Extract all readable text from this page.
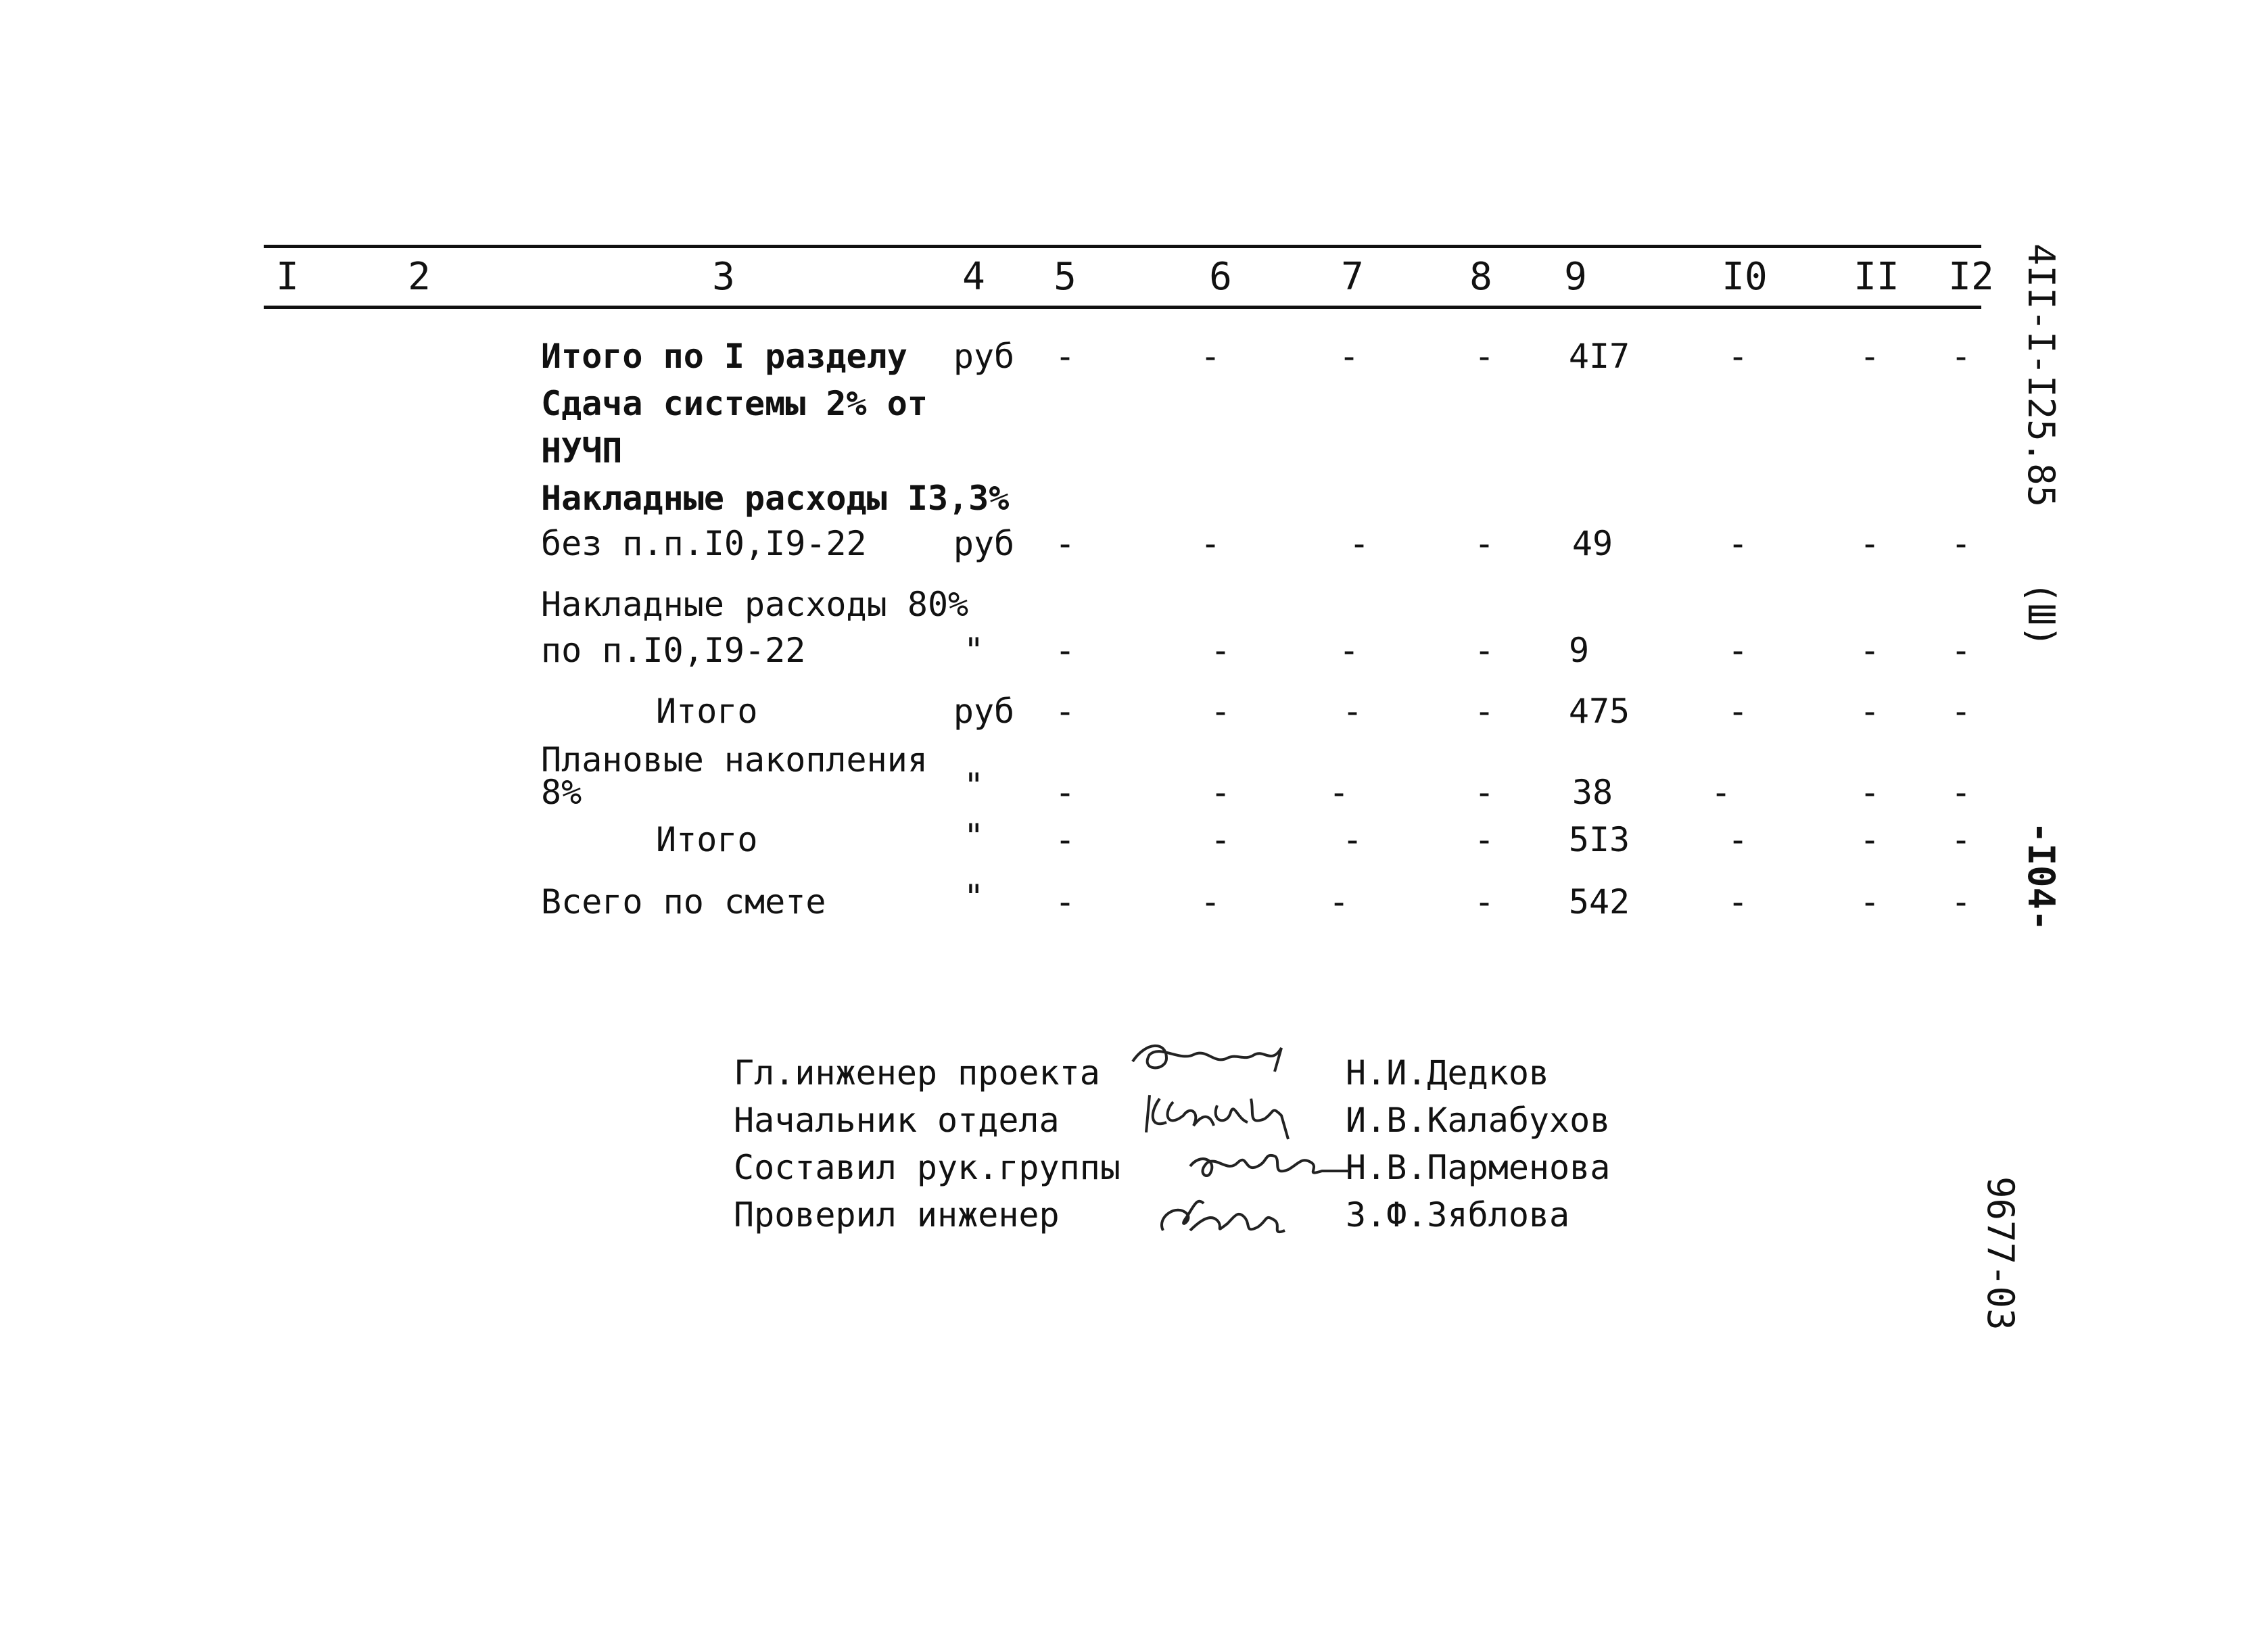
I	2	3	4	5	6	7	8	9	I0	II	I2
Итого по I разделу руб	-	-	-	-	4I7	-	-	-
Сдача системы 2% от
НУЧП
Накладные расходы I3,3%
без п.п.I0,I9-22	руб	-	-	-	-	49	-	-	-
Накладные расходы 80%
по п.I0,I9-22	"	-	-	-	-	9	-	-	-
Итого	руб	-	-	-	-	475	-	-	-
Плановые накопления
8%	"	-	-	-	-	38	-	-	-
Итого	"	-	-	-	-	5I3	-	-	-
Всего по смете	"	-	-	-	-	542	-	-	-
Гл.инженер проекта
Начальник отдела
Составил рук.группы
Проверил инженер
Н.И.Дедков
И.В.Калабухов
Н.В.Парменова
З.Ф.Зяблова
4II-I-I25.85
(Ш)
-I04-
9677-03
